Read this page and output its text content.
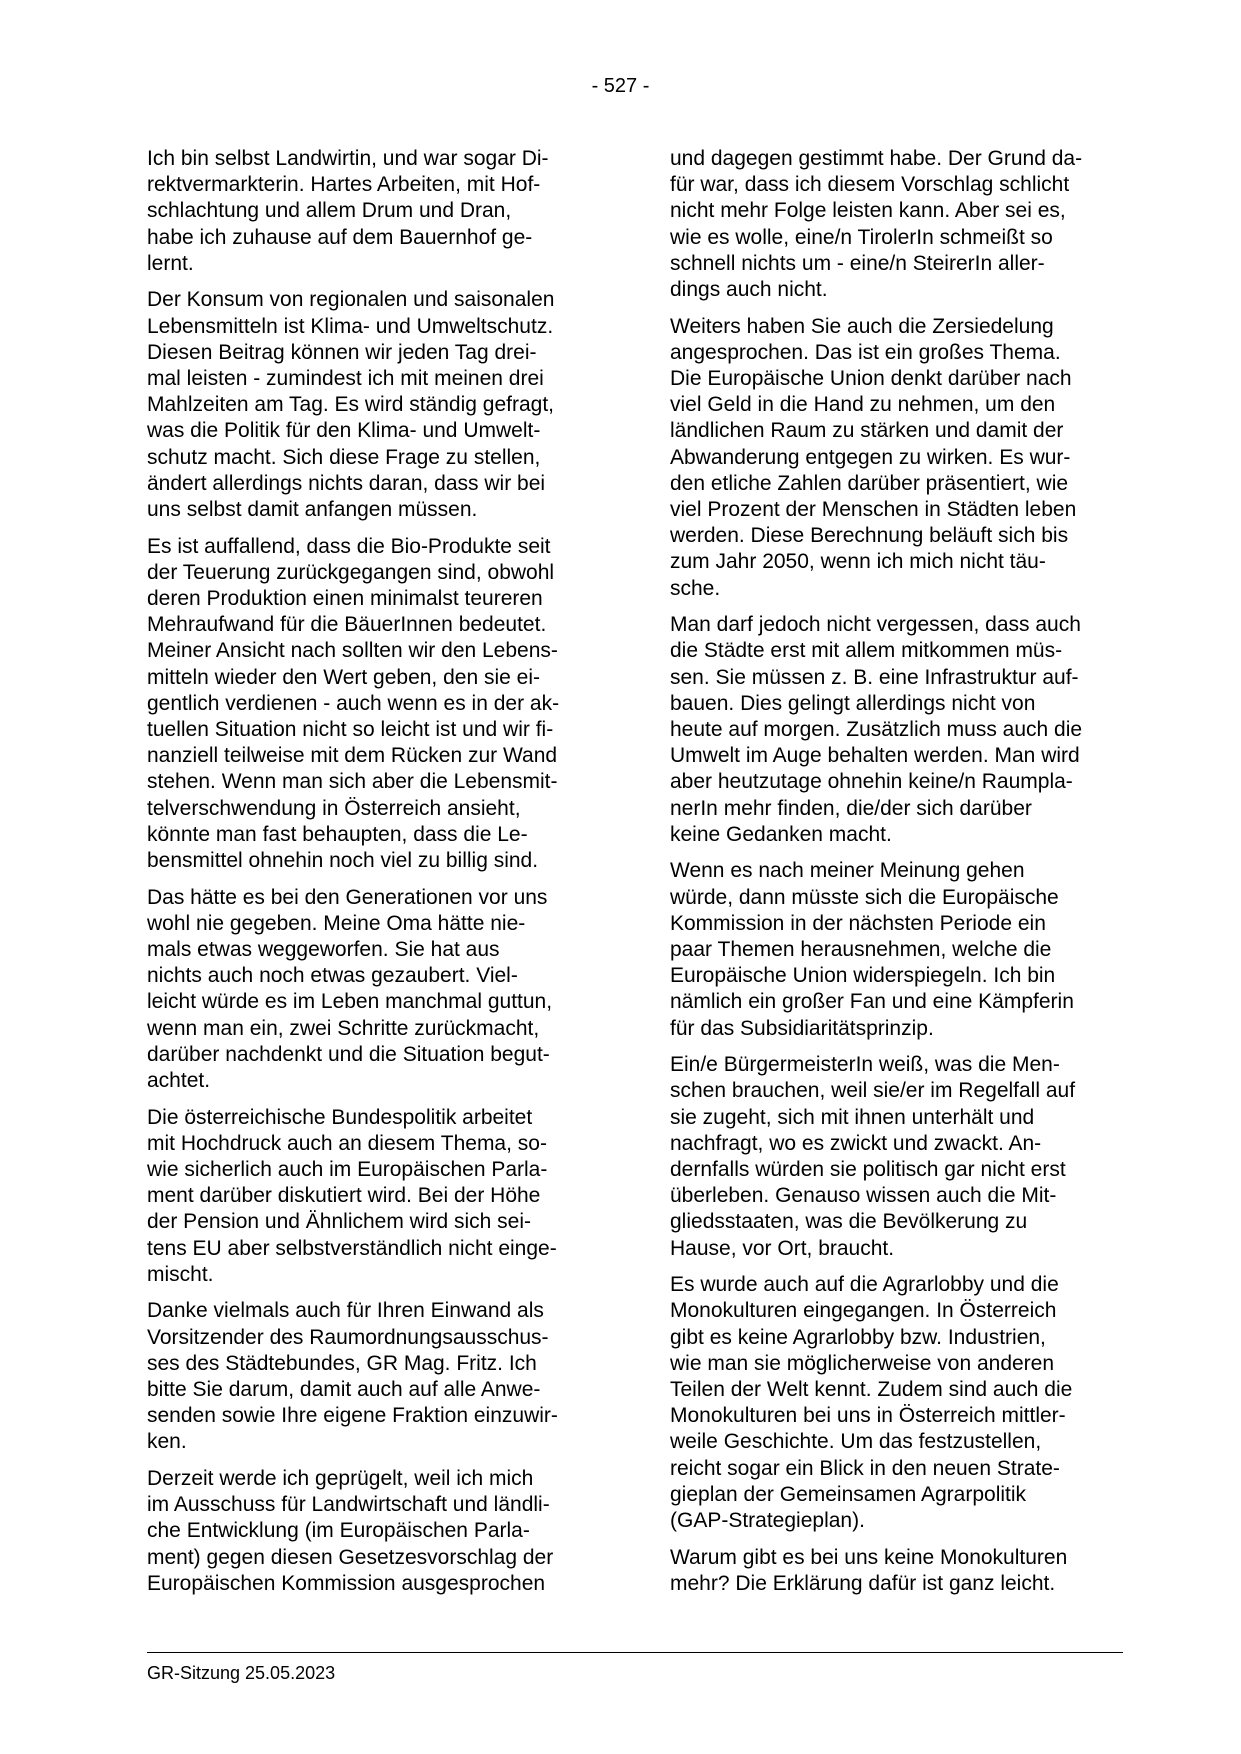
- 527 -
Ich bin selbst Landwirtin, und war sogar Di-
rektvermarkterin. Hartes Arbeiten, mit Hof-
schlachtung und allem Drum und Dran,
habe ich zuhause auf dem Bauernhof ge-
lernt.
Der Konsum von regionalen und saisonalen
Lebensmitteln ist Klima- und Umweltschutz.
Diesen Beitrag können wir jeden Tag drei-
mal leisten - zumindest ich mit meinen drei
Mahlzeiten am Tag. Es wird ständig gefragt,
was die Politik für den Klima- und Umwelt-
schutz macht. Sich diese Frage zu stellen,
ändert allerdings nichts daran, dass wir bei
uns selbst damit anfangen müssen.
Es ist auffallend, dass die Bio-Produkte seit
der Teuerung zurückgegangen sind, obwohl
deren Produktion einen minimalst teureren
Mehraufwand für die BäuerInnen bedeutet.
Meiner Ansicht nach sollten wir den Lebens-
mitteln wieder den Wert geben, den sie ei-
gentlich verdienen - auch wenn es in der ak-
tuellen Situation nicht so leicht ist und wir fi-
nanziell teilweise mit dem Rücken zur Wand
stehen. Wenn man sich aber die Lebensmit-
telverschwendung in Österreich ansieht,
könnte man fast behaupten, dass die Le-
bensmittel ohnehin noch viel zu billig sind.
Das hätte es bei den Generationen vor uns
wohl nie gegeben. Meine Oma hätte nie-
mals etwas weggeworfen. Sie hat aus
nichts auch noch etwas gezaubert. Viel-
leicht würde es im Leben manchmal guttun,
wenn man ein, zwei Schritte zurückmacht,
darüber nachdenkt und die Situation begut-
achtet.
Die österreichische Bundespolitik arbeitet
mit Hochdruck auch an diesem Thema, so-
wie sicherlich auch im Europäischen Parla-
ment darüber diskutiert wird. Bei der Höhe
der Pension und Ähnlichem wird sich sei-
tens EU aber selbstverständlich nicht einge-
mischt.
Danke vielmals auch für Ihren Einwand als
Vorsitzender des Raumordnungsausschus-
ses des Städtebundes, GR Mag. Fritz. Ich
bitte Sie darum, damit auch auf alle Anwe-
senden sowie Ihre eigene Fraktion einzuwir-
ken.
Derzeit werde ich geprügelt, weil ich mich
im Ausschuss für Landwirtschaft und ländli-
che Entwicklung (im Europäischen Parla-
ment) gegen diesen Gesetzesvorschlag der
Europäischen Kommission ausgesprochen
und dagegen gestimmt habe. Der Grund da-
für war, dass ich diesem Vorschlag schlicht
nicht mehr Folge leisten kann. Aber sei es,
wie es wolle, eine/n TirolerIn schmeißt so
schnell nichts um - eine/n SteirerIn aller-
dings auch nicht.
Weiters haben Sie auch die Zersiedelung
angesprochen. Das ist ein großes Thema.
Die Europäische Union denkt darüber nach
viel Geld in die Hand zu nehmen, um den
ländlichen Raum zu stärken und damit der
Abwanderung entgegen zu wirken. Es wur-
den etliche Zahlen darüber präsentiert, wie
viel Prozent der Menschen in Städten leben
werden. Diese Berechnung beläuft sich bis
zum Jahr 2050, wenn ich mich nicht täu-
sche.
Man darf jedoch nicht vergessen, dass auch
die Städte erst mit allem mitkommen müs-
sen. Sie müssen z. B. eine Infrastruktur auf-
bauen. Dies gelingt allerdings nicht von
heute auf morgen. Zusätzlich muss auch die
Umwelt im Auge behalten werden. Man wird
aber heutzutage ohnehin keine/n Raumpla-
nerIn mehr finden, die/der sich darüber
keine Gedanken macht.
Wenn es nach meiner Meinung gehen
würde, dann müsste sich die Europäische
Kommission in der nächsten Periode ein
paar Themen herausnehmen, welche die
Europäische Union widerspiegeln. Ich bin
nämlich ein großer Fan und eine Kämpferin
für das Subsidiaritätsprinzip.
Ein/e BürgermeisterIn weiß, was die Men-
schen brauchen, weil sie/er im Regelfall auf
sie zugeht, sich mit ihnen unterhält und
nachfragt, wo es zwickt und zwackt. An-
dernfalls würden sie politisch gar nicht erst
überleben. Genauso wissen auch die Mit-
gliedsstaaten, was die Bevölkerung zu
Hause, vor Ort, braucht.
Es wurde auch auf die Agrarlobby und die
Monokulturen eingegangen. In Österreich
gibt es keine Agrarlobby bzw. Industrien,
wie man sie möglicherweise von anderen
Teilen der Welt kennt. Zudem sind auch die
Monokulturen bei uns in Österreich mittler-
weile Geschichte. Um das festzustellen,
reicht sogar ein Blick in den neuen Strate-
gieplan der Gemeinsamen Agrarpolitik
(GAP-Strategieplan).
Warum gibt es bei uns keine Monokulturen
mehr? Die Erklärung dafür ist ganz leicht.
GR-Sitzung 25.05.2023
